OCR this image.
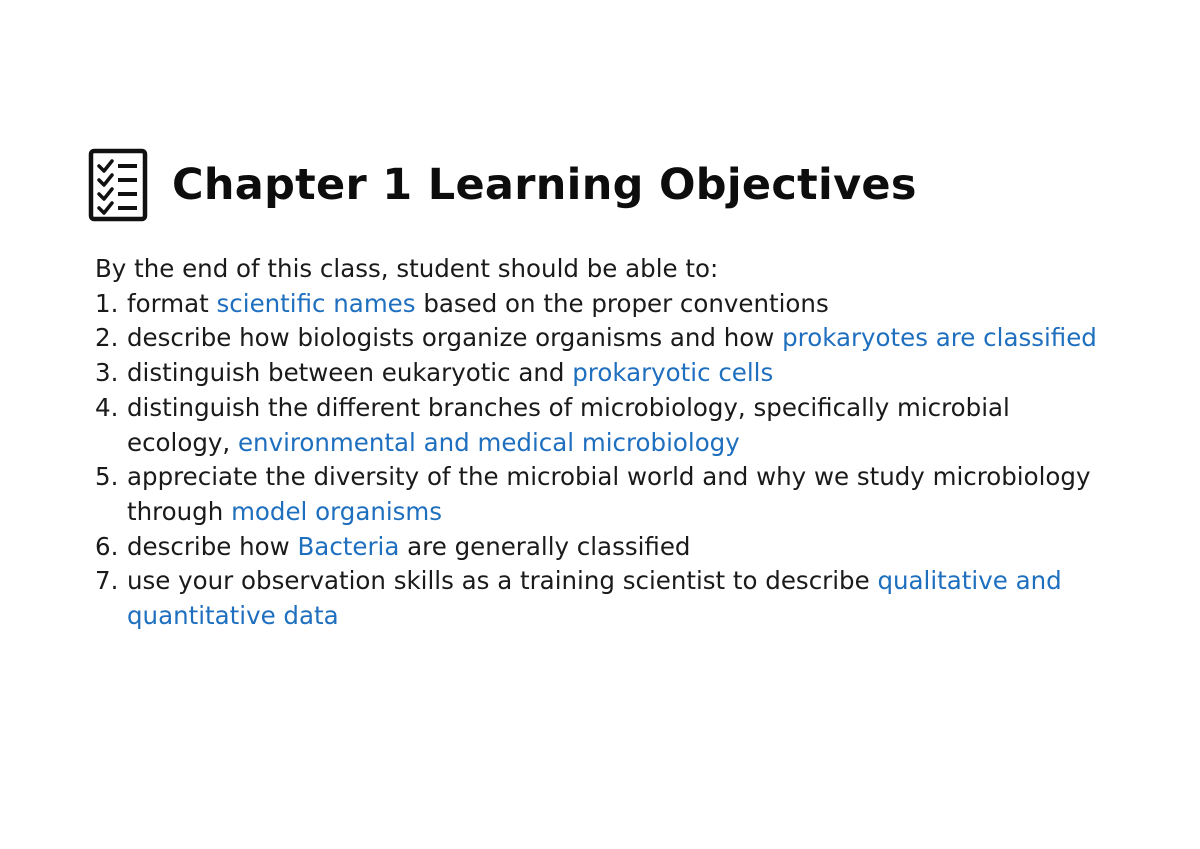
Chapter 1 Learning Objectives
By the end of this class, student should be able to:
1. format scientific names based on the proper conventions
2. describe how biologists organize organisms and how prokaryotes are classified
3. distinguish between eukaryotic and prokaryotic cells
4. distinguish the different branches of microbiology, specifically microbial ecology, environmental and medical microbiology
5. appreciate the diversity of the microbial world and why we study microbiology through model organisms
6. describe how Bacteria are generally classified
7. use your observation skills as a training scientist to describe qualitative and quantitative data
